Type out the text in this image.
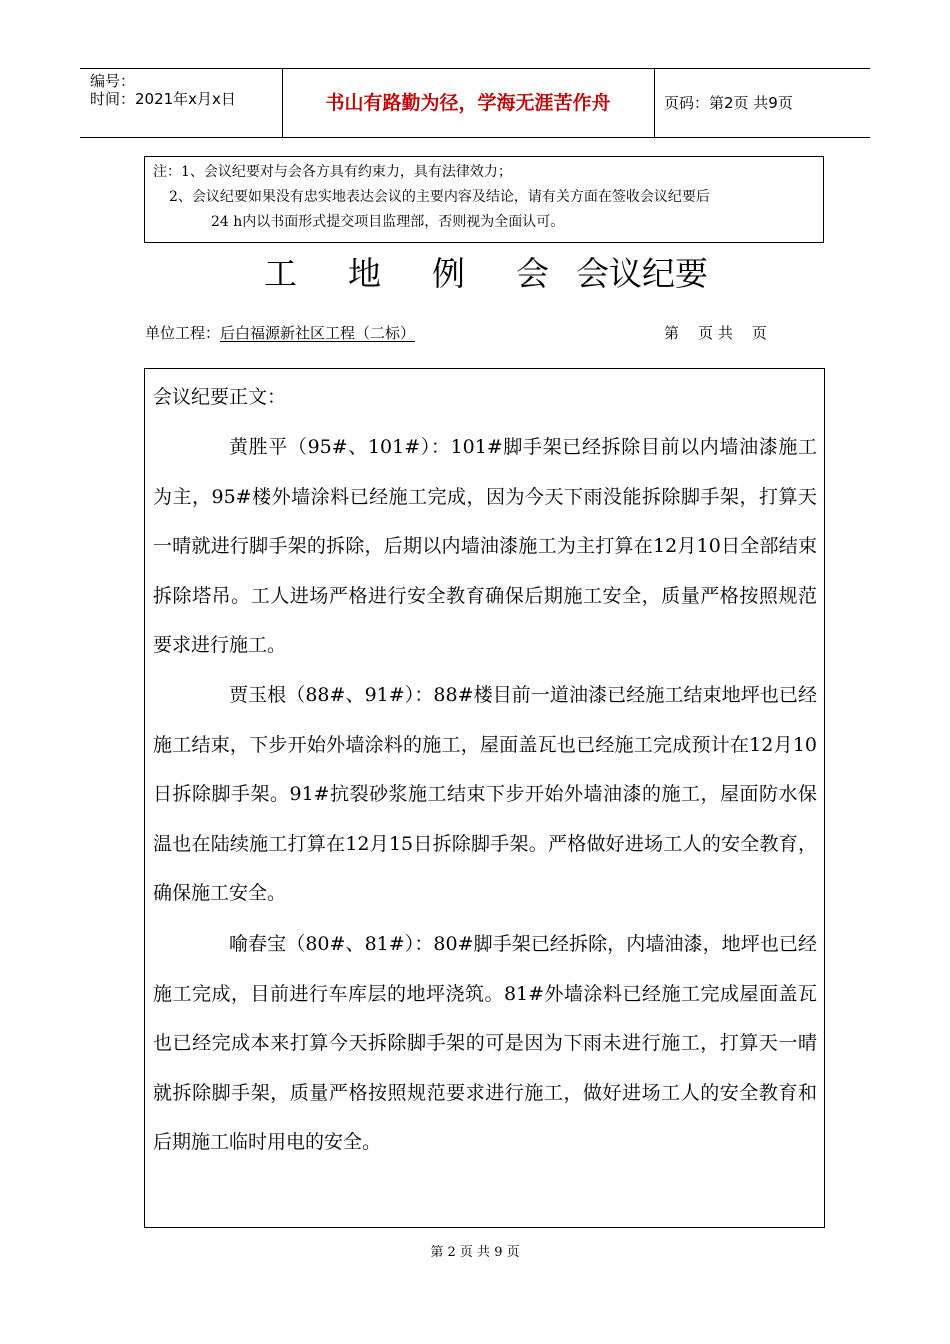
编号：
时间：2021年x月x日	书山有路勤为径，学海无涯苦作舟	页码：第2页 共9页
注：1、会议纪要对与会各方具有约束力，具有法律效力；
2、会议纪要如果没有忠实地表达会议的主要内容及结论，请有关方面在签收会议纪要后
24 h内以书面形式提交项目监理部，否则视为全面认可。
工 地 例 会 会议纪要
单位工程：后白福源新社区工程（二标）	第    页 共    页
会议纪要正文：

黄胜平（95#、101#）：101#脚手架已经拆除目前以内墙油漆施工为主，95#楼外墙涂料已经施工完成，因为今天下雨没能拆除脚手架，打算天一晴就进行脚手架的拆除，后期以内墙油漆施工为主打算在12月10日全部结束拆除塔吊。工人进场严格进行安全教育确保后期施工安全，质量严格按照规范要求进行施工。

贾玉根（88#、91#）：88#楼目前一道油漆已经施工结束地坪也已经施工结束，下步开始外墙涂料的施工，屋面盖瓦也已经施工完成预计在12月10日拆除脚手架。91#抗裂砂浆施工结束下步开始外墙油漆的施工，屋面防水保温也在陆续施工打算在12月15日拆除脚手架。严格做好进场工人的安全教育，确保施工安全。

喻春宝（80#、81#）：80#脚手架已经拆除，内墙油漆，地坪也已经施工完成，目前进行车库层的地坪浇筑。81#外墙涂料已经施工完成屋面盖瓦也已经完成本来打算今天拆除脚手架的可是因为下雨未进行施工，打算天一晴就拆除脚手架，质量严格按照规范要求进行施工，做好进场工人的安全教育和后期施工临时用电的安全。

第 2 页 共 9 页
